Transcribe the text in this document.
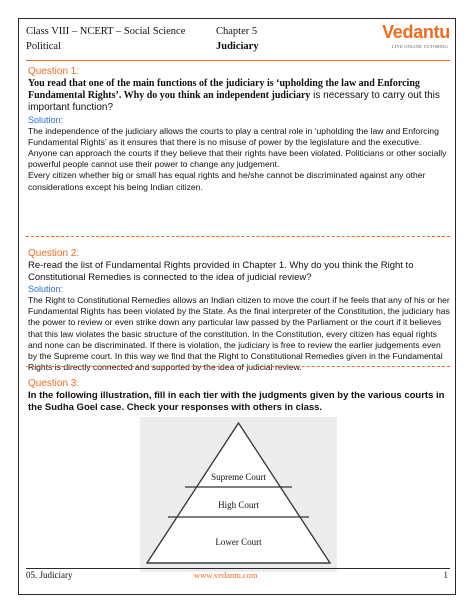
Class VIII – NCERT – Social Science	Chapter 5
Political	Judiciary
Vedantu
LIVE ONLINE TUTORING

Question 1:

You read that one of the main functions of the judiciary is ‘upholding the law and Enforcing Fundamental Rights’. Why do you think an independent judiciary is necessary to carry out this important function?

Solution:

The independence of the judiciary allows the courts to play a central role in ‘upholding the law and Enforcing Fundamental Rights’ as it ensures that there is no misuse of power by the legislature and the executive. Anyone can approach the courts if they believe that their rights have been violated. Politicians or other socially powerful people cannot use their power to change any judgement.

Every citizen whether big or small has equal rights and he/she cannot be discriminated against any other considerations except his being Indian citizen.

Question 2:

Re-read the list of Fundamental Rights provided in Chapter 1. Why do you think the Right to Constitutional Remedies is connected to the idea of judicial review?

Solution:

The Right to Constitutional Remedies allows an Indian citizen to move the court if he feels that any of his or her Fundamental Rights has been violated by the State. As the final interpreter of the Constitution, the judiciary has the power to review or even strike down any particular law passed by the Parliament or the court if it believes that this law violates the basic structure of the constitution. In the Constitution, every citizen has equal rights and none can be discriminated. If there is violation, the judiciary is free to review the earlier judgements even by the Supreme court. In this way we find that the Right to Constitutional Remedies given in the Fundamental Rights is directly connected and supported by the idea of judicial review.

Question 3:

In the following illustration, fill in each tier with the judgments given by the various courts in the Sudha Goel case. Check your responses with others in class.

Supreme Court
High Court
Lower Court
05. Judiciary	www.vedantu.com	1
